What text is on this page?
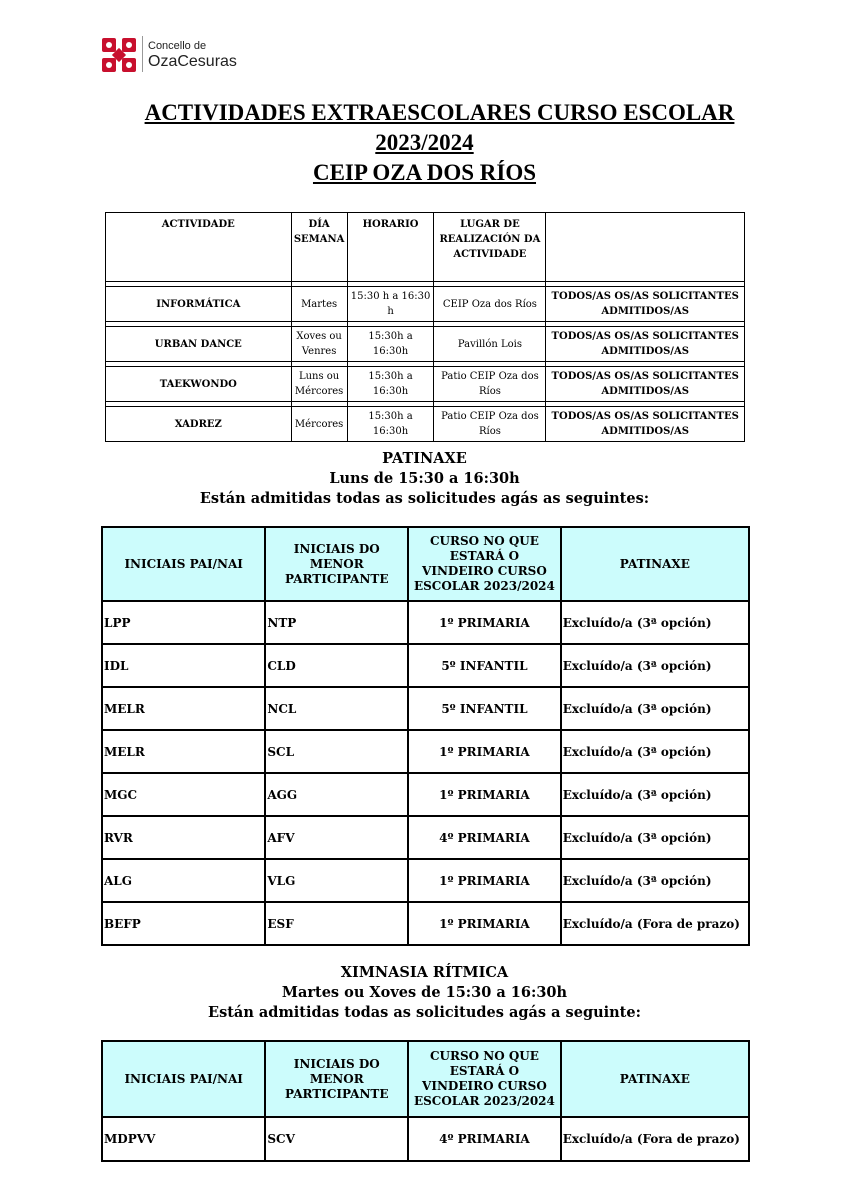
Concello de
OzaCesuras
ACTIVIDADES EXTRAESCOLARES CURSO ESCOLAR
2023/2024
CEIP OZA DOS RÍOS
ACTIVIDADE	DÍA SEMANA	HORARIO	LUGAR DE REALIZACIÓN DA ACTIVIDADE	

INFORMÁTICA	Martes	15:30 h a 16:30 h	CEIP Oza dos Ríos	TODOS/AS OS/AS SOLICITANTES ADMITIDOS/AS

URBAN DANCE	Xoves ou Venres	15:30h a 16:30h	Pavillón Lois	TODOS/AS OS/AS SOLICITANTES ADMITIDOS/AS

TAEKWONDO	Luns ou Mércores	15:30h a 16:30h	Patio CEIP Oza dos Ríos	TODOS/AS OS/AS SOLICITANTES ADMITIDOS/AS

XADREZ	Mércores	15:30h a 16:30h	Patio CEIP Oza dos Ríos	TODOS/AS OS/AS SOLICITANTES ADMITIDOS/AS
PATINAXE
Luns de 15:30 a 16:30h
Están admitidas todas as solicitudes agás as seguintes:
INICIAIS PAI/NAI	INICIAIS DO MENOR PARTICIPANTE	CURSO NO QUE ESTARÁ O VINDEIRO CURSO ESCOLAR 2023/2024	PATINAXE
LPP	NTP	1º PRIMARIA	Excluído/a (3ª opción)
IDL	CLD	5º INFANTIL	Excluído/a (3ª opción)
MELR	NCL	5º INFANTIL	Excluído/a (3ª opción)
MELR	SCL	1º PRIMARIA	Excluído/a (3ª opción)
MGC	AGG	1º PRIMARIA	Excluído/a (3ª opción)
RVR	AFV	4º PRIMARIA	Excluído/a (3ª opción)
ALG	VLG	1º PRIMARIA	Excluído/a (3ª opción)
BEFP	ESF	1º PRIMARIA	Excluído/a (Fora de prazo)
XIMNASIA RÍTMICA
Martes ou Xoves de 15:30 a 16:30h
Están admitidas todas as solicitudes agás a seguinte:
INICIAIS PAI/NAI	INICIAIS DO MENOR PARTICIPANTE	CURSO NO QUE ESTARÁ O VINDEIRO CURSO ESCOLAR 2023/2024	PATINAXE
MDPVV	SCV	4º PRIMARIA	Excluído/a (Fora de prazo)
